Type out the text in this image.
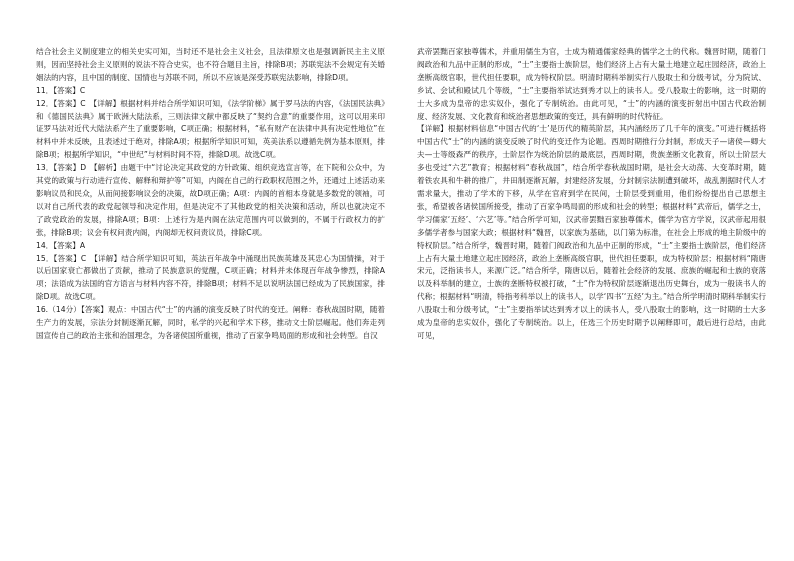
结合社会主义制度建立的相关史实可知，当时还不是社会主义社会，且法律原文也是强调新民主主义原则，因而坚持社会主义原则的说法不符合史实，也不符合题目主旨，排除B项；苏联宪法不会规定有关婚姻法的内容，且中国的制度、国情也与苏联不同，所以不应该是深受苏联宪法影响，排除D项。

11．【答案】C

12．【答案】C　【详解】根据材料并结合所学知识可知，《法学阶梯》属于罗马法的内容，《法国民法典》和《德国民法典》属于欧洲大陆法系，三则法律文献中都反映了“契约合意”的重要作用，这可以用来印证罗马法对近代大陆法系产生了重要影响，C项正确；根据材料，“私有财产在法律中具有决定性地位”在材料中并未反映，且表述过于绝对，排除A项；根据所学知识可知，英美法系以遵循先例为基本原则，排除B项；根据所学知识，“中世纪”与材料时间不符，排除D项。故选C项。

13．【答案】D　【解析】由题干中“讨论决定其政党的方针政策、组织竞选宣言等，在下院和公众中，为其党的政策与行动进行宣传、解释和辩护等”可知，内阁在自己的行政职权范围之外，还通过上述活动来影响议员和民众，从而间接影响议会的决策，故D项正确；A项：内阁的首相本身就是多数党的领袖，可以对自己所代表的政党起领导和决定作用，但是决定不了其他政党的相关决策和活动，所以也就决定不了政党政治的发展，排除A项；B项：上述行为是内阁在法定范围内可以做到的，不属于行政权力的扩张，排除B项；议会有权问责内阁，内阁却无权问责议员，排除C项。

14．【答案】A

15．【答案】C　【详解】结合所学知识可知，英法百年战争中涌现出民族英雄及其忠心为国情操，对于以后国家衰亡都做出了贡献，推动了民族意识的觉醒，C项正确；材料并未体现百年战争惨烈，排除A项；法语成为法国的官方语言与材料内容不符，排除B项；材料不足以说明法国已经成为了民族国家，排除D项。故选C项。

16.（14分）【答案】观点：中国古代“士”的内涵的演变反映了时代的变迁。阐释：春秋战国时期，随着生产力的发展，宗法分封制逐渐瓦解，同时，私学的兴起和学术下移，推动文士阶层崛起。他们奔走列国宣传自己的政治主张和治国理念，为各诸侯国所重视，推动了百家争鸣局面的形成和社会转型。自汉

武帝罢黜百家独尊儒术，并重用儒生为官，士成为精通儒家经典的儒学之士的代称。魏晋时期，随着门阀政治和九品中正制的形成，“士”主要指士族阶层，他们经济上占有大量土地建立起庄园经济，政治上垄断高级官职，世代担任要职，成为特权阶层。明清时期科举制实行八股取士和分级考试，分为院试、乡试、会试和殿试几个等级，“士”主要指举试达到秀才以上的读书人。受八股取士的影响，这一时期的士大多成为皇帝的忠实奴仆，强化了专制统治。由此可见，“士”的内涵的演变折射出中国古代政治制度、经济发展、文化教育和统治者思想政策的变迁，具有鲜明的时代特征。

【详解】根据材料信息“中国古代的‘士’是历代的精英阶层，其内涵经历了几千年的演变。”可进行概括将中国古代“士”的内涵的演变反映了时代的变迁作为论题。西周时期推行分封制，形成天子—诸侯—卿大夫—士等级森严的秩序，士阶层作为统治阶层的最底层，西周时期，贵族垄断文化教育，所以士阶层大多也受过“六艺”教育；根据材料“春秋战国”，结合所学春秋战国时期，是社会大动荡、大变革时期，随着铁农具和牛耕的推广，井田制逐渐瓦解，封建经济发展，分封制宗法制遭到破坏，战乱割据时代人才需求量大，推动了学术的下移，从学在官府到学在民间，士阶层受到重用，他们纷纷提出自己思想主张，希望被各诸侯国所接受，推动了百家争鸣局面的形成和社会的转型；根据材料“武帝后，儒学之士，学习儒家‘五经’、‘六艺’等。”结合所学可知，汉武帝罢黜百家独尊儒术，儒学为官方学说，汉武帝起用很多儒学者参与国家大政；根据材料“魏晋，以家族为基础，以门第为标准，在社会上形成的地主阶级中的特权阶层。”结合所学，魏晋时期，随着门阀政治和九品中正制的形成，“士”主要指士族阶层，他们经济上占有大量土地建立起庄园经济，政治上垄断高级官职，世代担任要职，成为特权阶层；根据材料“隋唐宋元，泛指读书人，来源广泛。”结合所学，隋唐以后，随着社会经济的发展、庶族的崛起和士族的衰落以及科举制的建立，士族的垄断特权被打破，“士”作为特权阶层逐渐退出历史舞台，成为一般读书人的代称；根据材料“明清，特指考科举以上的读书人，以学‘四书’‘五经’为主。”结合所学明清时期科举制实行八股取士和分级考试，“士”主要指举试达到秀才以上的读书人，受八股取士的影响，这一时期的士大多成为皇帝的忠实奴仆，强化了专制统治。以上，任选三个历史时期予以阐释即可，最后进行总结，由此可见，
